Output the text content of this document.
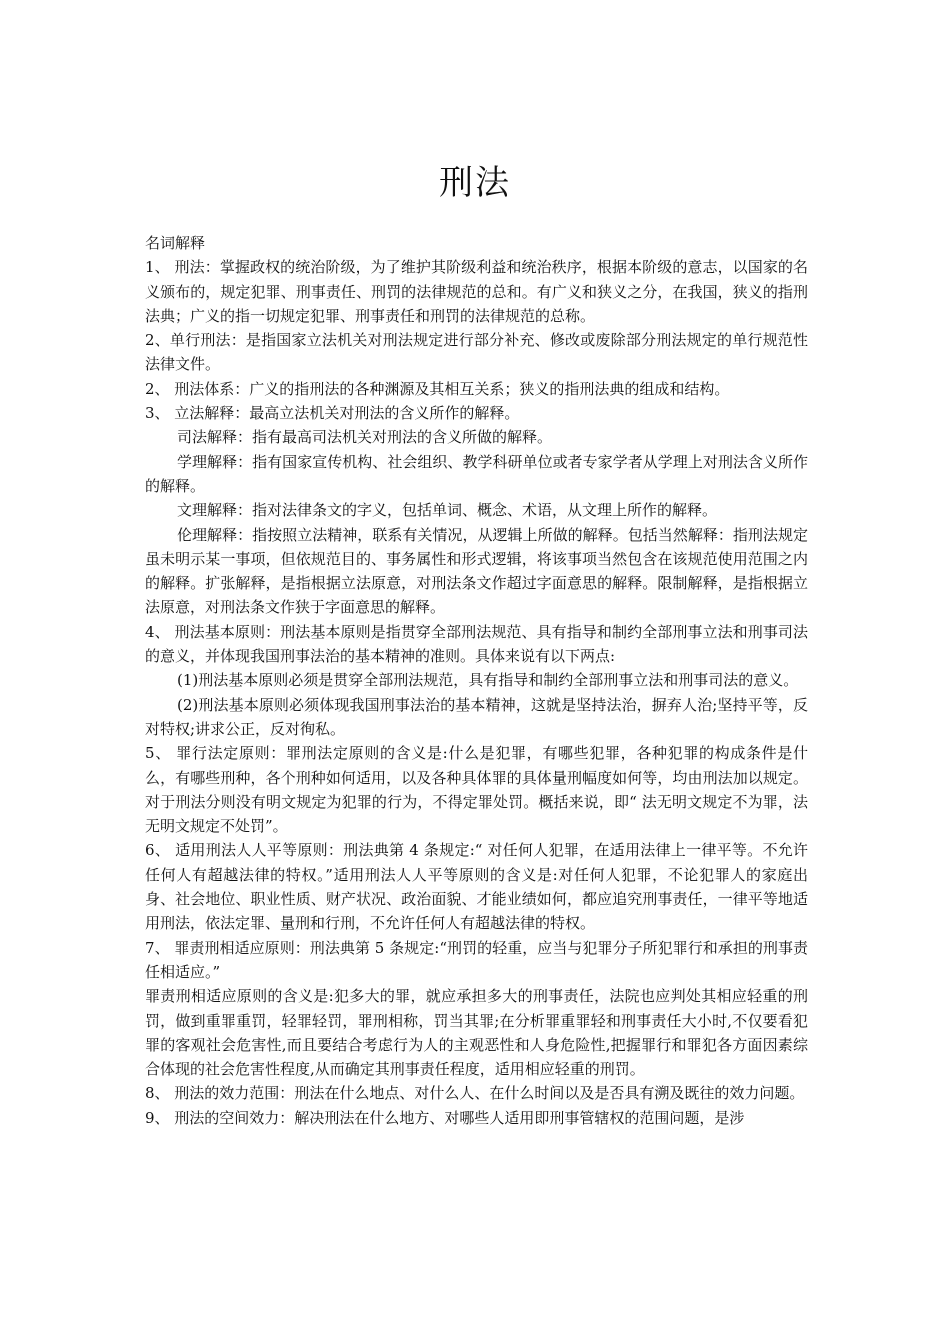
刑法

名词解释

1、 刑法：掌握政权的统治阶级，为了维护其阶级利益和统治秩序，根据本阶级的意志，以国家的名义颁布的，规定犯罪、刑事责任、刑罚的法律规范的总和。有广义和狭义之分，在我国，狭义的指刑法典；广义的指一切规定犯罪、刑事责任和刑罚的法律规范的总称。

2、单行刑法：是指国家立法机关对刑法规定进行部分补充、修改或废除部分刑法规定的单行规范性法律文件。

2、 刑法体系：广义的指刑法的各种渊源及其相互关系；狭义的指刑法典的组成和结构。

3、 立法解释：最高立法机关对刑法的含义所作的解释。

司法解释：指有最高司法机关对刑法的含义所做的解释。

学理解释：指有国家宣传机构、社会组织、教学科研单位或者专家学者从学理上对刑法含义所作的解释。

文理解释：指对法律条文的字义，包括单词、概念、术语，从文理上所作的解释。

伦理解释：指按照立法精神，联系有关情况，从逻辑上所做的解释。包括当然解释：指刑法规定虽未明示某一事项，但依规范目的、事务属性和形式逻辑，将该事项当然包含在该规范使用范围之内的解释。扩张解释，是指根据立法原意，对刑法条文作超过字面意思的解释。限制解释，是指根据立法原意，对刑法条文作狭于字面意思的解释。

4、 刑法基本原则：刑法基本原则是指贯穿全部刑法规范、具有指导和制约全部刑事立法和刑事司法的意义，并体现我国刑事法治的基本精神的准则。具体来说有以下两点:

(1)刑法基本原则必须是贯穿全部刑法规范，具有指导和制约全部刑事立法和刑事司法的意义。

(2)刑法基本原则必须体现我国刑事法治的基本精神，这就是坚持法治，摒弃人治;坚持平等，反对特权;讲求公正，反对徇私。

5、 罪行法定原则：罪刑法定原则的含义是:什么是犯罪，有哪些犯罪，各种犯罪的构成条件是什么，有哪些刑种，各个刑种如何适用，以及各种具体罪的具体量刑幅度如何等，均由刑法加以规定。对于刑法分则没有明文规定为犯罪的行为，不得定罪处罚。概括来说，即“ 法无明文规定不为罪，法无明文规定不处罚”。

6、 适用刑法人人平等原则：刑法典第 4 条规定:“ 对任何人犯罪，在适用法律上一律平等。不允许任何人有超越法律的特权。”适用刑法人人平等原则的含义是:对任何人犯罪，不论犯罪人的家庭出身、社会地位、职业性质、财产状况、政治面貌、才能业绩如何，都应追究刑事责任，一律平等地适用刑法，依法定罪、量刑和行刑，不允许任何人有超越法律的特权。

7、 罪责刑相适应原则：刑法典第 5 条规定:“刑罚的轻重，应当与犯罪分子所犯罪行和承担的刑事责任相适应。”

罪责刑相适应原则的含义是:犯多大的罪，就应承担多大的刑事责任，法院也应判处其相应轻重的刑罚，做到重罪重罚，轻罪轻罚，罪刑相称，罚当其罪;在分析罪重罪轻和刑事责任大小时,不仅要看犯罪的客观社会危害性,而且要结合考虑行为人的主观恶性和人身危险性,把握罪行和罪犯各方面因素综合体现的社会危害性程度,从而确定其刑事责任程度，适用相应轻重的刑罚。

8、 刑法的效力范围：刑法在什么地点、对什么人、在什么时间以及是否具有溯及既往的效力问题。

9、 刑法的空间效力：解决刑法在什么地方、对哪些人适用即刑事管辖权的范围问题，是涉
